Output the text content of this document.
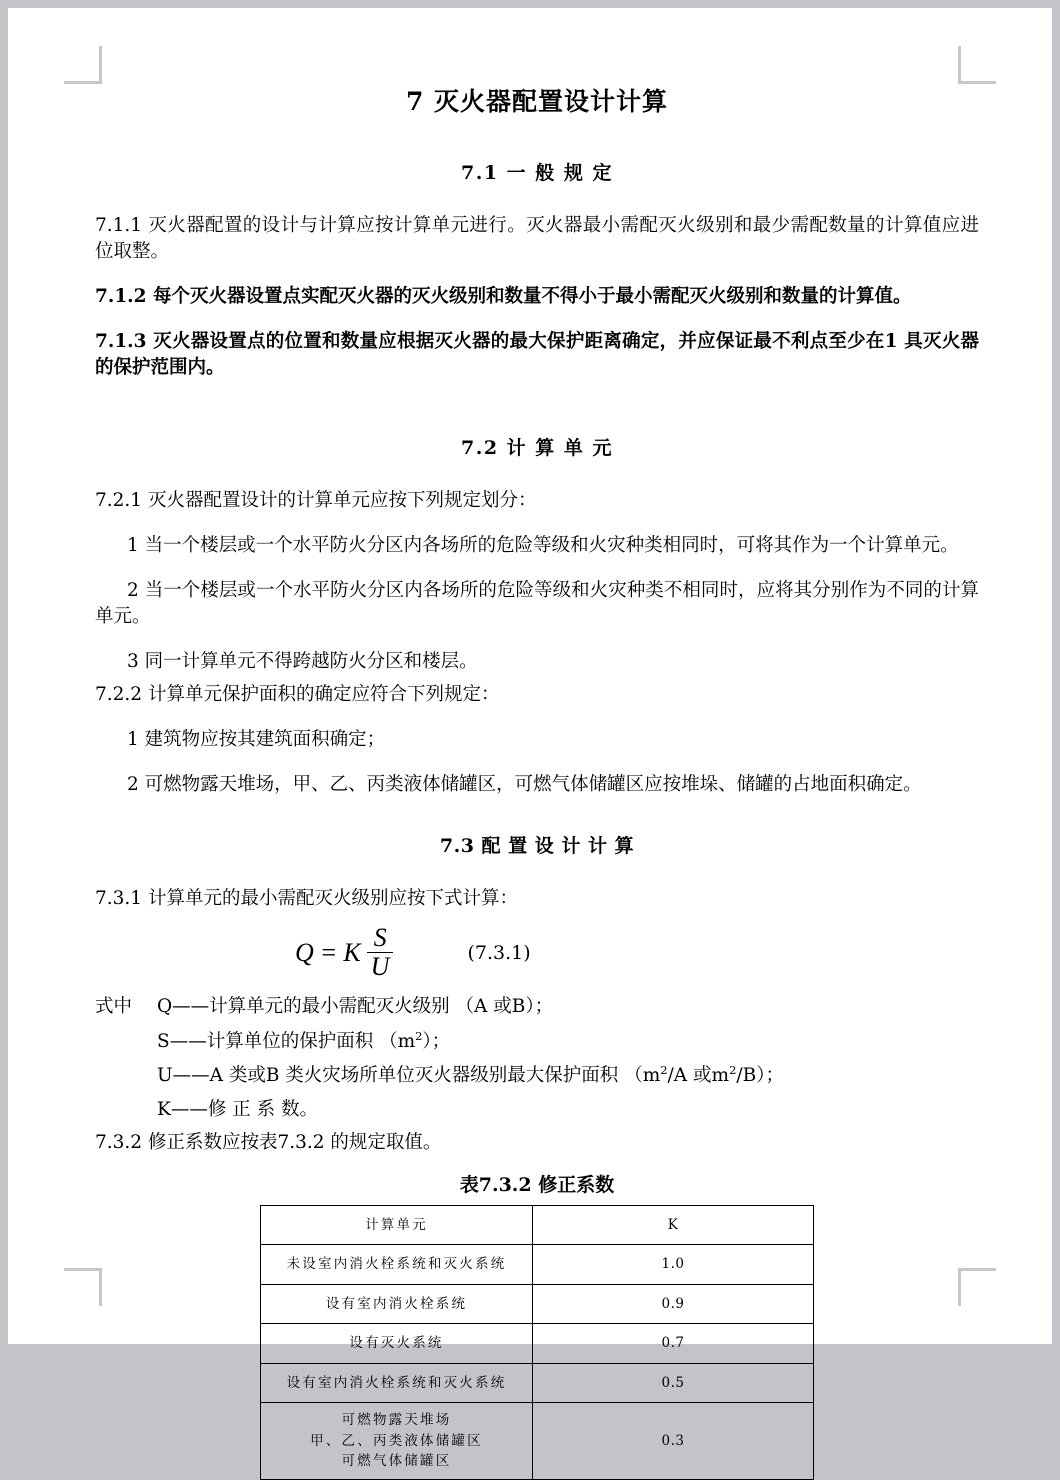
7 灭火器配置设计计算
7.1 一 般 规 定

7.1.1 灭火器配置的设计与计算应按计算单元进行。灭火器最小需配灭火级别和最少需配数量的计算值应进位取整。

7.1.2 每个灭火器设置点实配灭火器的灭火级别和数量不得小于最小需配灭火级别和数量的计算值。

7.1.3 灭火器设置点的位置和数量应根据灭火器的最大保护距离确定，并应保证最不利点至少在1 具灭火器的保护范围内。

7.2 计 算 单 元

7.2.1 灭火器配置设计的计算单元应按下列规定划分：

1 当一个楼层或一个水平防火分区内各场所的危险等级和火灾种类相同时，可将其作为一个计算单元。

2 当一个楼层或一个水平防火分区内各场所的危险等级和火灾种类不相同时，应将其分别作为不同的计算单元。

3 同一计算单元不得跨越防火分区和楼层。

7.2.2 计算单元保护面积的确定应符合下列规定：

1 建筑物应按其建筑面积确定；

2 可燃物露天堆场，甲、乙、丙类液体储罐区，可燃气体储罐区应按堆垛、储罐的占地面积确定。

7.3 配 置 设 计 计 算

7.3.1 计算单元的最小需配灭火级别应按下式计算：

Q = K $\frac{S}{U}$	(7.3.1)
式中	Q——计算单元的最小需配灭火级别 （A 或B）；
S——计算单位的保护面积 $(m^2)$；
U——A 类或B 类火灾场所单位灭火器级别最大保护面积 （$m^2/A$ 或$m^2/B$）；
K——修 正 系 数。

7.3.2 修正系数应按表7.3.2 的规定取值。

表7.3.2 修正系数
计算单元	K
未设室内消火栓系统和灭火系统	1.0
设有室内消火栓系统	0.9
设有灭火系统	0.7
设有室内消火栓系统和灭火系统	0.5

可燃物露天堆场
甲、乙、丙类液体储罐区
可燃气体储罐区	0.3
